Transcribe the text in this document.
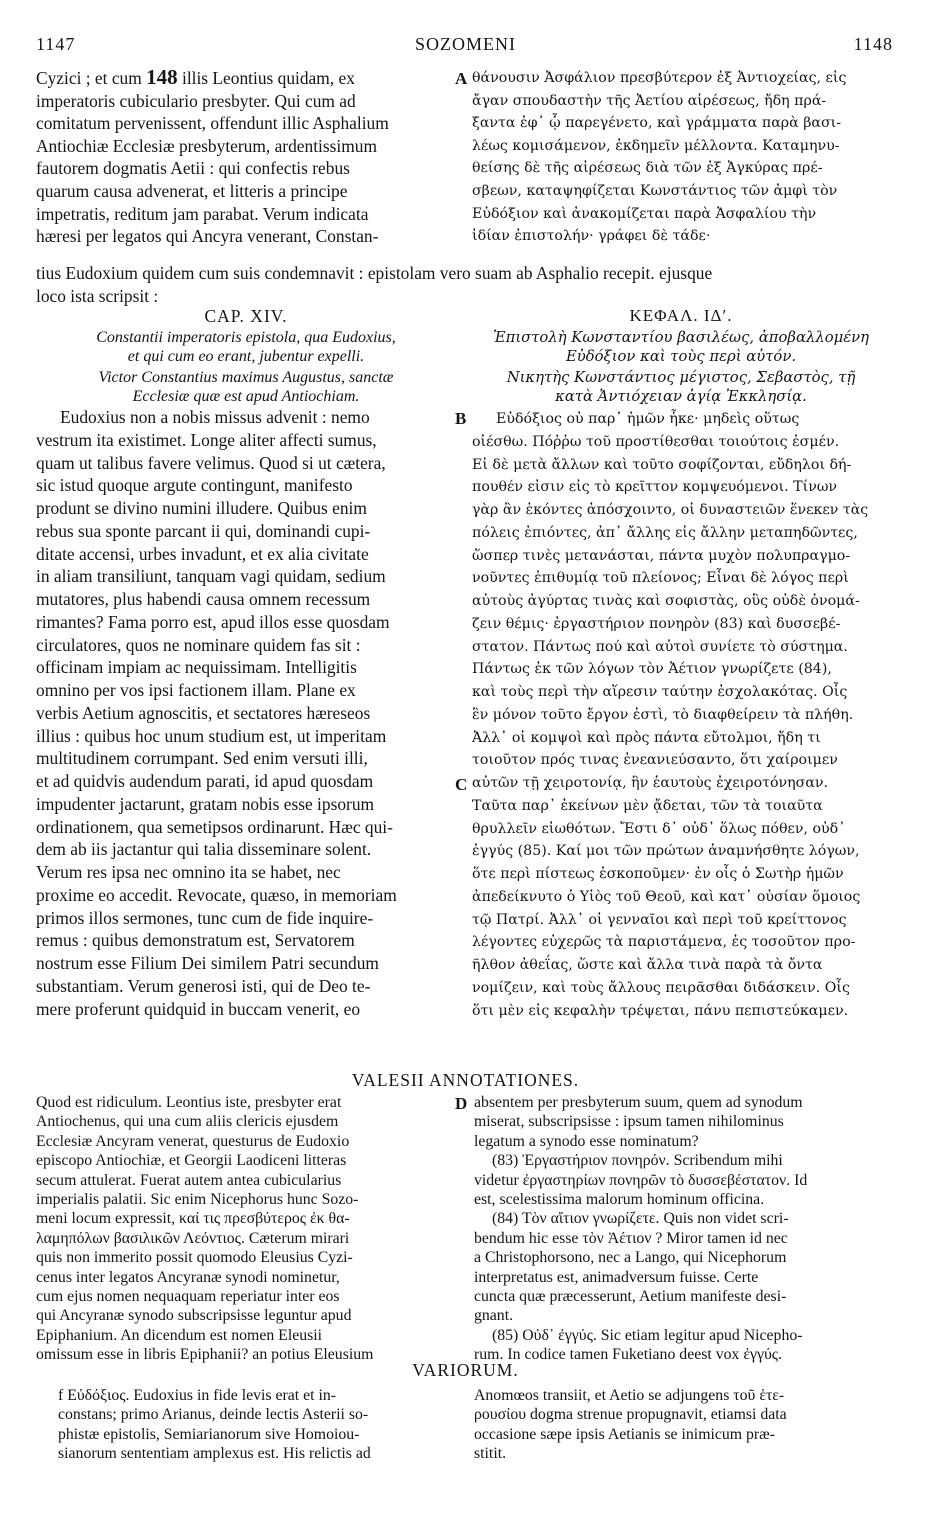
1147	SOZOMENI	1148
A
B
C
D
Cyzici ; et cum 148 illis Leontius quidam, ex
imperatoris cubiculario presbyter. Qui cum ad
comitatum pervenissent, offendunt illic Asphalium
Antiochiæ Ecclesiæ presbyterum, ardentissimum
fautorem dogmatis Aetii : qui confectis rebus
quarum causa advenerat, et litteris a principe
impetratis, reditum jam parabat. Verum indicata
hæresi per legatos qui Ancyra venerant, Constan-
θάνουσιν Ἀσφάλιον πρεσβύτερον ἐξ Ἀντιοχείας, εἰς
ἄγαν σπουδαστὴν τῆς Ἀετίου αἱρέσεως, ἤδη πρά-
ξαντα ἐφ᾽ ᾧ παρεγένετο, καὶ γράμματα παρὰ βασι-
λέως κομισάμενον, ἐκδημεῖν μέλλοντα. Καταμηνυ-
θείσης δὲ τῆς αἱρέσεως διὰ τῶν ἐξ Ἀγκύρας πρέ-
σβεων, καταψηφίζεται Κωνστάντιος τῶν ἀμφὶ τὸν
Εὐδόξιον καὶ ἀνακομίζεται παρὰ Ἀσφαλίου τὴν
ἰδίαν ἐπιστολήν· γράφει δὲ τάδε·
tius Eudoxium quidem cum suis condemnavit : epistolam vero suam ab Asphalio recepit. ejusque
loco ista scripsit :
CAP. XIV.
Constantii imperatoris epistola, qua Eudoxius,
et qui cum eo erant, jubentur expelli.
Victor Constantius maximus Augustus, sanctæ
Ecclesiæ quæ est apud Antiochiam.
ΚΕΦΑΛ. ΙΔʹ.
Ἐπιστολὴ Κωνσταντίου βασιλέως, ἀποβαλλομένη
Εὐδόξιον καὶ τοὺς περὶ αὐτόν.
Νικητὴς Κωνστάντιος μέγιστος, Σεβαστὸς, τῇ
κατὰ Ἀντιόχειαν ἁγίᾳ Ἐκκλησίᾳ.
Eudoxius non a nobis missus advenit : nemo
vestrum ita existimet. Longe aliter affecti sumus,
quam ut talibus favere velimus. Quod si ut cætera,
sic istud quoque argute contingunt, manifesto
produnt se divino numini illudere. Quibus enim
rebus sua sponte parcant ii qui, dominandi cupi-
ditate accensi, urbes invadunt, et ex alia civitate
in aliam transiliunt, tanquam vagi quidam, sedium
mutatores, plus habendi causa omnem recessum
rimantes? Fama porro est, apud illos esse quosdam
circulatores, quos ne nominare quidem fas sit :
officinam impiam ac nequissimam. Intelligitis
omnino per vos ipsi factionem illam. Plane ex
verbis Aetium agnoscitis, et sectatores hæreseos
illius : quibus hoc unum studium est, ut imperitam
multitudinem corrumpant. Sed enim versuti illi,
et ad quidvis audendum parati, id apud quosdam
impudenter jactarunt, gratam nobis esse ipsorum
ordinationem, qua semetipsos ordinarunt. Hæc qui-
dem ab iis jactantur qui talia disseminare solent.
Verum res ipsa nec omnino ita se habet, nec
proxime eo accedit. Revocate, quæso, in memoriam
primos illos sermones, tunc cum de fide inquire-
remus : quibus demonstratum est, Servatorem
nostrum esse Filium Dei similem Patri secundum
substantiam. Verum generosi isti, qui de Deo te-
mere proferunt quidquid in buccam venerit, eo
Εὐδόξιος οὐ παρ᾽ ἡμῶν ἧκε· μηδεὶς οὕτως
οἰέσθω. Πόῤῥω τοῦ προστίθεσθαι τοιούτοις ἐσμέν.
Εἰ δὲ μετὰ ἄλλων καὶ τοῦτο σοφίζονται, εὔδηλοι δή-
πουθέν εἰσιν εἰς τὸ κρεῖττον κομψευόμενοι. Τίνων
γὰρ ἂν ἑκόντες ἀπόσχοιντο, οἱ δυναστειῶν ἕνεκεν τὰς
πόλεις ἐπιόντες, ἀπ᾽ ἄλλης εἰς ἄλλην μεταπηδῶντες,
ὥσπερ τινὲς μετανάσται, πάντα μυχὸν πολυπραγμο-
νοῦντες ἐπιθυμίᾳ τοῦ πλείονος; Εἶναι δὲ λόγος περὶ
αὐτοὺς ἀγύρτας τινὰς καὶ σοφιστὰς, οὓς οὐδὲ ὀνομά-
ζειν θέμις· ἐργαστήριον πονηρὸν (83) καὶ δυσσεβέ-
στατον. Πάντως πού καὶ αὐτοὶ συνίετε τὸ σύστημα.
Πάντως ἐκ τῶν λόγων τὸν Ἀέτιον γνωρίζετε (84),
καὶ τοὺς περὶ τὴν αἵρεσιν ταύτην ἐσχολακότας. Οἷς
ἓν μόνον τοῦτο ἔργον ἐστὶ, τὸ διαφθείρειν τὰ πλήθη.
Ἀλλ᾽ οἱ κομψοὶ καὶ πρὸς πάντα εὔτολμοι, ἤδη τι
τοιοῦτον πρός τινας ἐνεανιεύσαντο, ὅτι χαίροιμεν
αὐτῶν τῇ χειροτονίᾳ, ἣν ἑαυτοὺς ἐχειροτόνησαν.
Ταῦτα παρ᾽ ἐκείνων μὲν ᾄδεται, τῶν τὰ τοιαῦτα
θρυλλεῖν εἰωθότων. Ἔστι δ᾽ οὐδ᾽ ὅλως πόθεν, οὐδ᾽
ἐγγύς (85). Καί μοι τῶν πρώτων ἀναμνήσθητε λόγων,
ὅτε περὶ πίστεως ἐσκοποῦμεν· ἐν οἷς ὁ Σωτὴρ ἡμῶν
ἀπεδείκνυτο ὁ Υἱὸς τοῦ Θεοῦ, καὶ κατ᾽ οὐσίαν ὅμοιος
τῷ Πατρί. Ἀλλ᾽ οἱ γενναῖοι καὶ περὶ τοῦ κρείττονος
λέγοντες εὐχερῶς τὰ παριστάμενα, ἐς τοσοῦτον προ-
ῆλθον ἀθεΐας, ὥστε καὶ ἄλλα τινὰ παρὰ τὰ ὄντα
νομίζειν, καὶ τοὺς ἄλλους πειρᾶσθαι διδάσκειν. Οἷς
ὅτι μὲν εἰς κεφαλὴν τρέψεται, πάνυ πεπιστεύκαμεν.
VALESII ANNOTATIONES.
Quod est ridiculum. Leontius iste, presbyter erat
Antiochenus, qui una cum aliis clericis ejusdem
Ecclesiæ Ancyram venerat, questurus de Eudoxio
episcopo Antiochiæ, et Georgii Laodiceni litteras
secum attulerat. Fuerat autem antea cubicularius
imperialis palatii. Sic enim Nicephorus hunc Sozo-
meni locum expressit, καί τις πρεσβύτερος ἐκ θα-
λαμηπόλων βασιλικῶν Λεόντιος. Cæterum mirari
quis non immerito possit quomodo Eleusius Cyzi-
cenus inter legatos Ancyranæ synodi nominetur,
cum ejus nomen nequaquam reperiatur inter eos
qui Ancyranæ synodo subscripsisse leguntur apud
Epiphanium. An dicendum est nomen Eleusii
omissum esse in libris Epiphanii? an potius Eleusium
absentem per presbyterum suum, quem ad synodum
miserat, subscripsisse : ipsum tamen nihilominus
legatum a synodo esse nominatum?
(83) Ἐργαστήριον πονηρόν. Scribendum mihi
videtur ἐργαστηρίων πονηρῶν τὸ δυσσεβέστατον. Id
est, scelestissima malorum hominum officina.
(84) Τὸν αἴτιον γνωρίζετε. Quis non videt scri-
bendum hic esse τὸν Ἀέτιον ? Miror tamen id nec
a Christophorsono, nec a Lango, qui Nicephorum
interpretatus est, animadversum fuisse. Certe
cuncta quæ præcesserunt, Aetium manifeste desi-
gnant.
(85) Οὐδ᾽ ἐγγύς. Sic etiam legitur apud Nicepho-
rum. In codice tamen Fuketiano deest vox ἐγγύς.
VARIORUM.
f Εὐδόξιος. Eudoxius in fide levis erat et in-
constans; primo Arianus, deinde lectis Asterii so-
phistæ epistolis, Semiarianorum sive Homoiou-
sianorum sententiam amplexus est. His relictis ad
Anomœos transiit, et Aetio se adjungens τοῦ ἑτε-
ρουσίου dogma strenue propugnavit, etiamsi data
occasione sæpe ipsis Aetianis se inimicum præ-
stitit.
